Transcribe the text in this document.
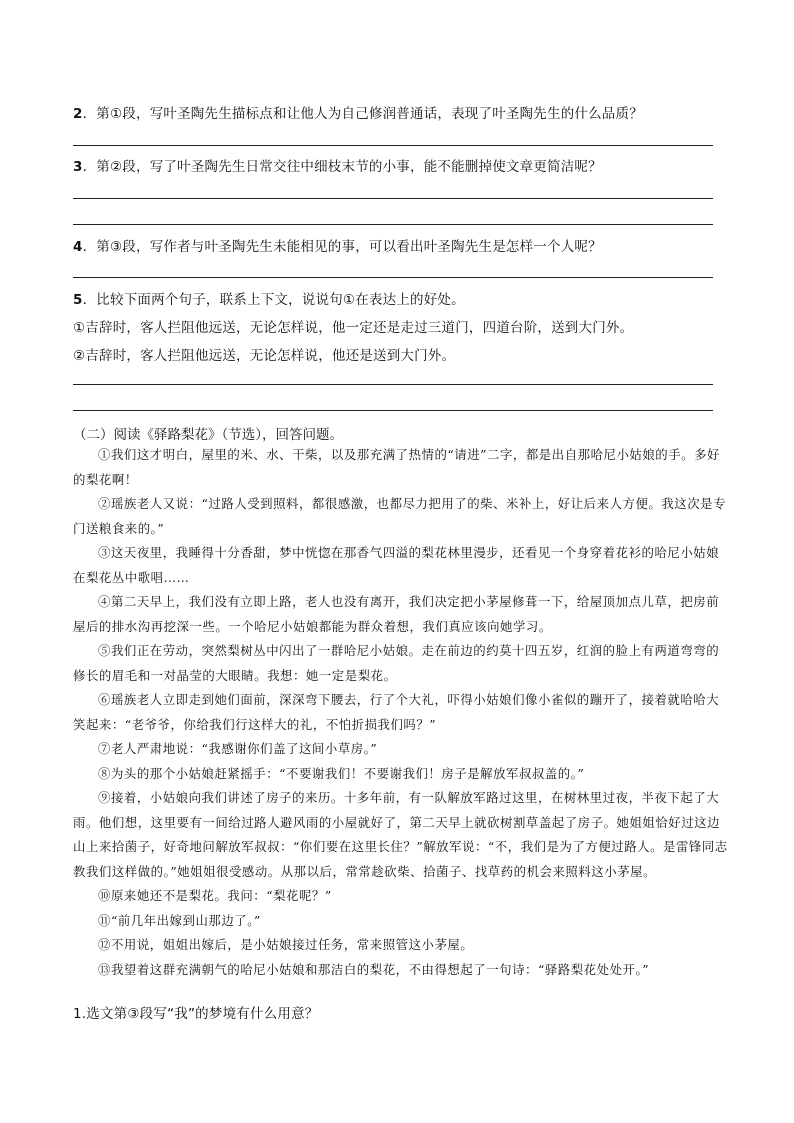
2．第①段，写叶圣陶先生描标点和让他人为自己修润普通话，表现了叶圣陶先生的什么品质？
3．第②段，写了叶圣陶先生日常交往中细枝末节的小事，能不能删掉使文章更简洁呢？
4．第③段，写作者与叶圣陶先生未能相见的事，可以看出叶圣陶先生是怎样一个人呢？
5．比较下面两个句子，联系上下文，说说句①在表达上的好处。
①吉辞时，客人拦阻他远送，无论怎样说，他一定还是走过三道门，四道台阶，送到大门外。
②吉辞时，客人拦阻他远送，无论怎样说，他还是送到大门外。
（二）阅读《驿路梨花》（节选），回答问题。
①我们这才明白，屋里的米、水、干柴，以及那充满了热情的“请进”二字，都是出自那哈尼小姑娘的手。多好的梨花啊！
②瑶族老人又说：“过路人受到照料，都很感激，也都尽力把用了的柴、米补上，好让后来人方便。我这次是专门送粮食来的。”
③这天夜里，我睡得十分香甜，梦中恍惚在那香气四溢的梨花林里漫步，还看见一个身穿着花衫的哈尼小姑娘在梨花丛中歌唱……
④第二天早上，我们没有立即上路，老人也没有离开，我们决定把小茅屋修葺一下，给屋顶加点儿草，把房前屋后的排水沟再挖深一些。一个哈尼小姑娘都能为群众着想，我们真应该向她学习。
⑤我们正在劳动，突然梨树丛中闪出了一群哈尼小姑娘。走在前边的约莫十四五岁，红润的脸上有两道弯弯的修长的眉毛和一对晶莹的大眼睛。我想：她一定是梨花。
⑥瑶族老人立即走到她们面前，深深弯下腰去，行了个大礼，吓得小姑娘们像小雀似的蹦开了，接着就哈哈大笑起来：“老爷爷，你给我们行这样大的礼，不怕折损我们吗？”
⑦老人严肃地说：“我感谢你们盖了这间小草房。”
⑧为头的那个小姑娘赶紧摇手：“不要谢我们！不要谢我们！房子是解放军叔叔盖的。”
⑨接着，小姑娘向我们讲述了房子的来历。十多年前，有一队解放军路过这里，在树林里过夜，半夜下起了大雨。他们想，这里要有一间给过路人避风雨的小屋就好了，第二天早上就砍树割草盖起了房子。她姐姐恰好过这边山上来拾菌子，好奇地问解放军叔叔：“你们要在这里长住？”解放军说：“不，我们是为了方便过路人。是雷锋同志教我们这样做的。”她姐姐很受感动。从那以后，常常趁砍柴、拾菌子、找草药的机会来照料这小茅屋。
⑩原来她还不是梨花。我问：“梨花呢？”
⑪“前几年出嫁到山那边了。”
⑫不用说，姐姐出嫁后，是小姑娘接过任务，常来照管这小茅屋。
⑬我望着这群充满朝气的哈尼小姑娘和那洁白的梨花，不由得想起了一句诗：“驿路梨花处处开。”
1.选文第③段写“我”的梦境有什么用意？
